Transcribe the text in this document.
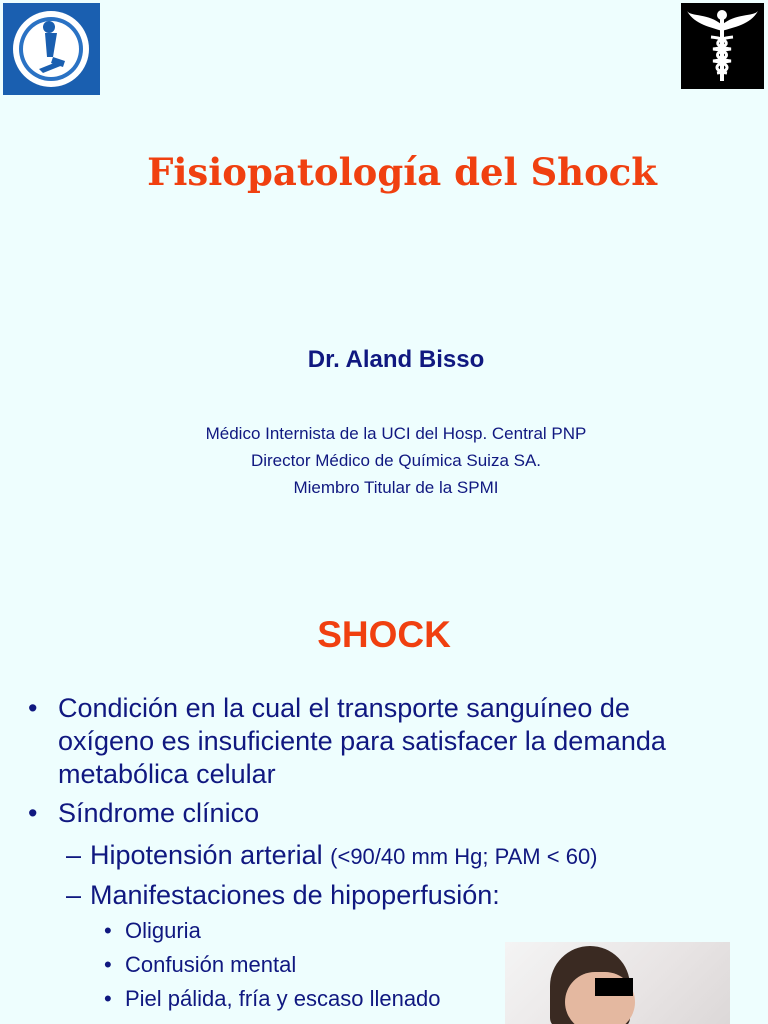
Fisiopatología del Shock

Dr. Aland Bisso

Médico Internista de la UCI del Hosp. Central PNP
Director Médico de Química Suiza SA.
Miembro Titular de la SPMI
SHOCK
• Condición en la cual el transporte sanguíneo de oxígeno es insuficiente para satisfacer la demanda metabólica celular
• Síndrome clínico
– Hipotensión arterial (<90/40 mm Hg; PAM < 60)
– Manifestaciones de hipoperfusión:
• Oliguria
• Confusión mental
• Piel pálida, fría y escaso llenado
